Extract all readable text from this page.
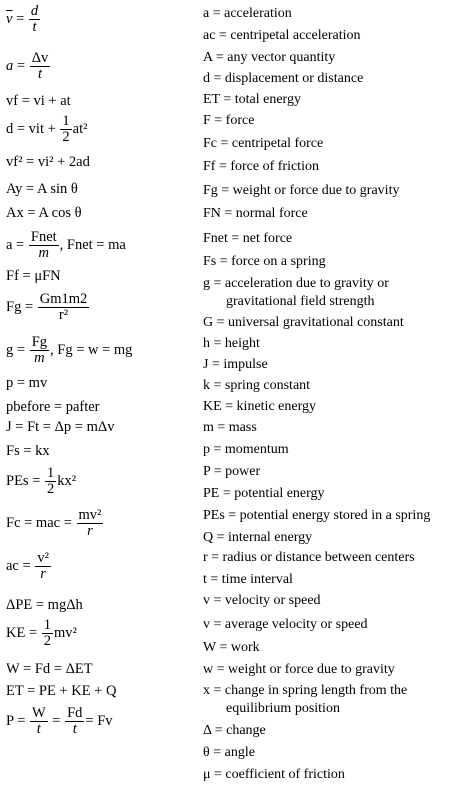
$\overline{v} = \frac{d}{t}$
$a = \frac{\Delta v}{t}$
vf = vi + at
d = vit + $\frac{1}{2} at^2$
vf² = vi² + 2ad
Ay = A sin θ
Ax = A cos θ
$a = \frac{\text{Fnet}}{m}$ , Fnet = ma
Ff = μFN
$Fg = \frac{Gm1m2}{\text{r²}}$
$g = \frac{Fg}{m}$ , Fg = w = mg
p = mv
pbefore = pafter
J = Ft = Δp = mΔv
Fs = kx
PEs = $\frac{1}{2} kx^2$
Fc = mac = $\frac{\text{mv²}}{r}$
ac = $\frac{\text{v²}}{r}$
ΔPE = mgΔh
KE = $\frac{1}{2} mv^2$
W = Fd = ΔET
ET = PE + KE + Q
$P = \frac{W}{t} = \frac{Fd}{t} = Fv$
a = acceleration
ac = centripetal acceleration
A = any vector quantity
d = displacement or distance
ET = total energy
F = force
Fc = centripetal force
Ff = force of friction
Fg = weight or force due to gravity
FN = normal force
Fnet = net force
Fs = force on a spring
g = acceleration due to gravity or
gravitational field strength
G = universal gravitational constant
h = height
J = impulse
k = spring constant
KE = kinetic energy
m = mass
p = momentum
P = power
PE = potential energy
PEs = potential energy stored in a spring
Q = internal energy
r = radius or distance between centers
t = time interval
v = velocity or speed
v = average velocity or speed
W = work
w = weight or force due to gravity
x = change in spring length from the
equilibrium position
Δ = change
θ = angle
μ = coefficient of friction
